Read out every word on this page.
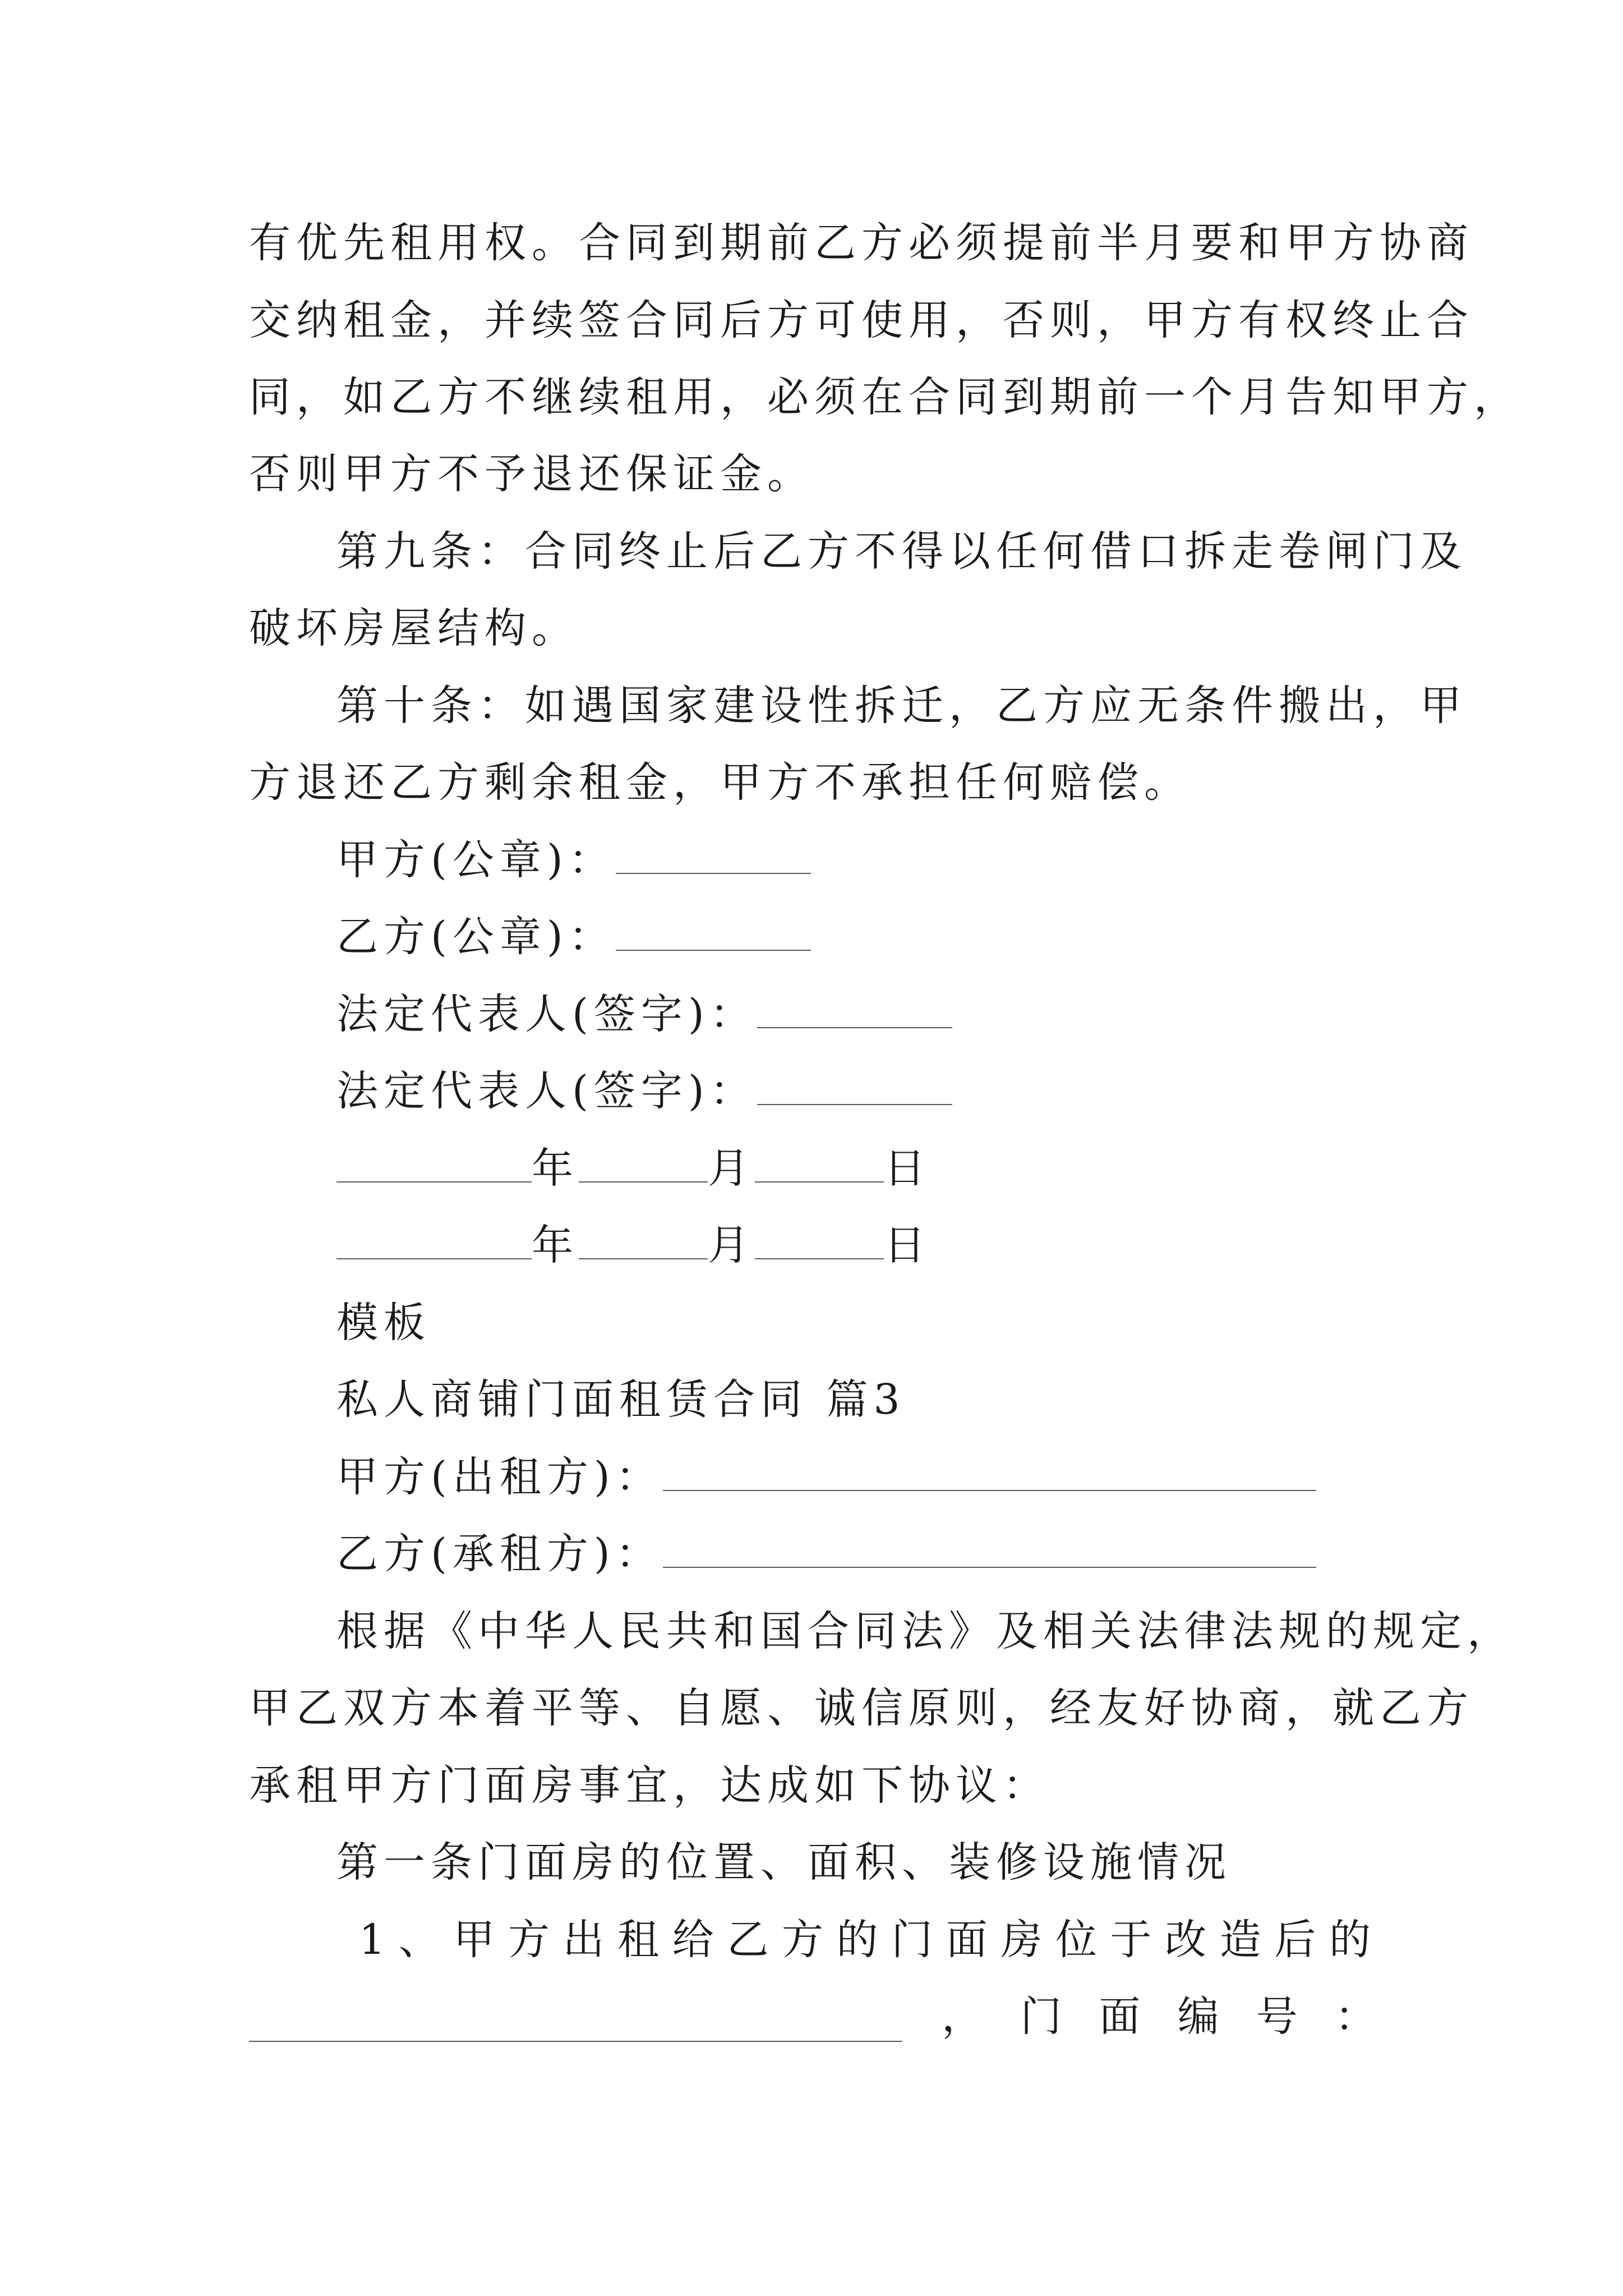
有优先租用权。合同到期前乙方必须提前半月要和甲方协商
交纳租金，并续签合同后方可使用，否则，甲方有权终止合
同，如乙方不继续租用，必须在合同到期前一个月告知甲方，
否则甲方不予退还保证金。
第九条：合同终止后乙方不得以任何借口拆走卷闸门及
破坏房屋结构。
第十条：如遇国家建设性拆迁，乙方应无条件搬出，甲
方退还乙方剩余租金，甲方不承担任何赔偿。
甲方(公章)：
乙方(公章)：
法定代表人(签字)：
法定代表人(签字)：
年	月	日
年	月	日
模板
私人商铺门面租赁合同 篇3
甲方(出租方)：
乙方(承租方)：
根据《中华人民共和国合同法》及相关法律法规的规定，
甲乙双方本着平等、自愿、诚信原则，经友好协商，就乙方
承租甲方门面房事宜，达成如下协议：
第一条门面房的位置、面积、装修设施情况
1、甲方出租给乙方的门面房位于改造后的
， 门 面 编 号 ：
